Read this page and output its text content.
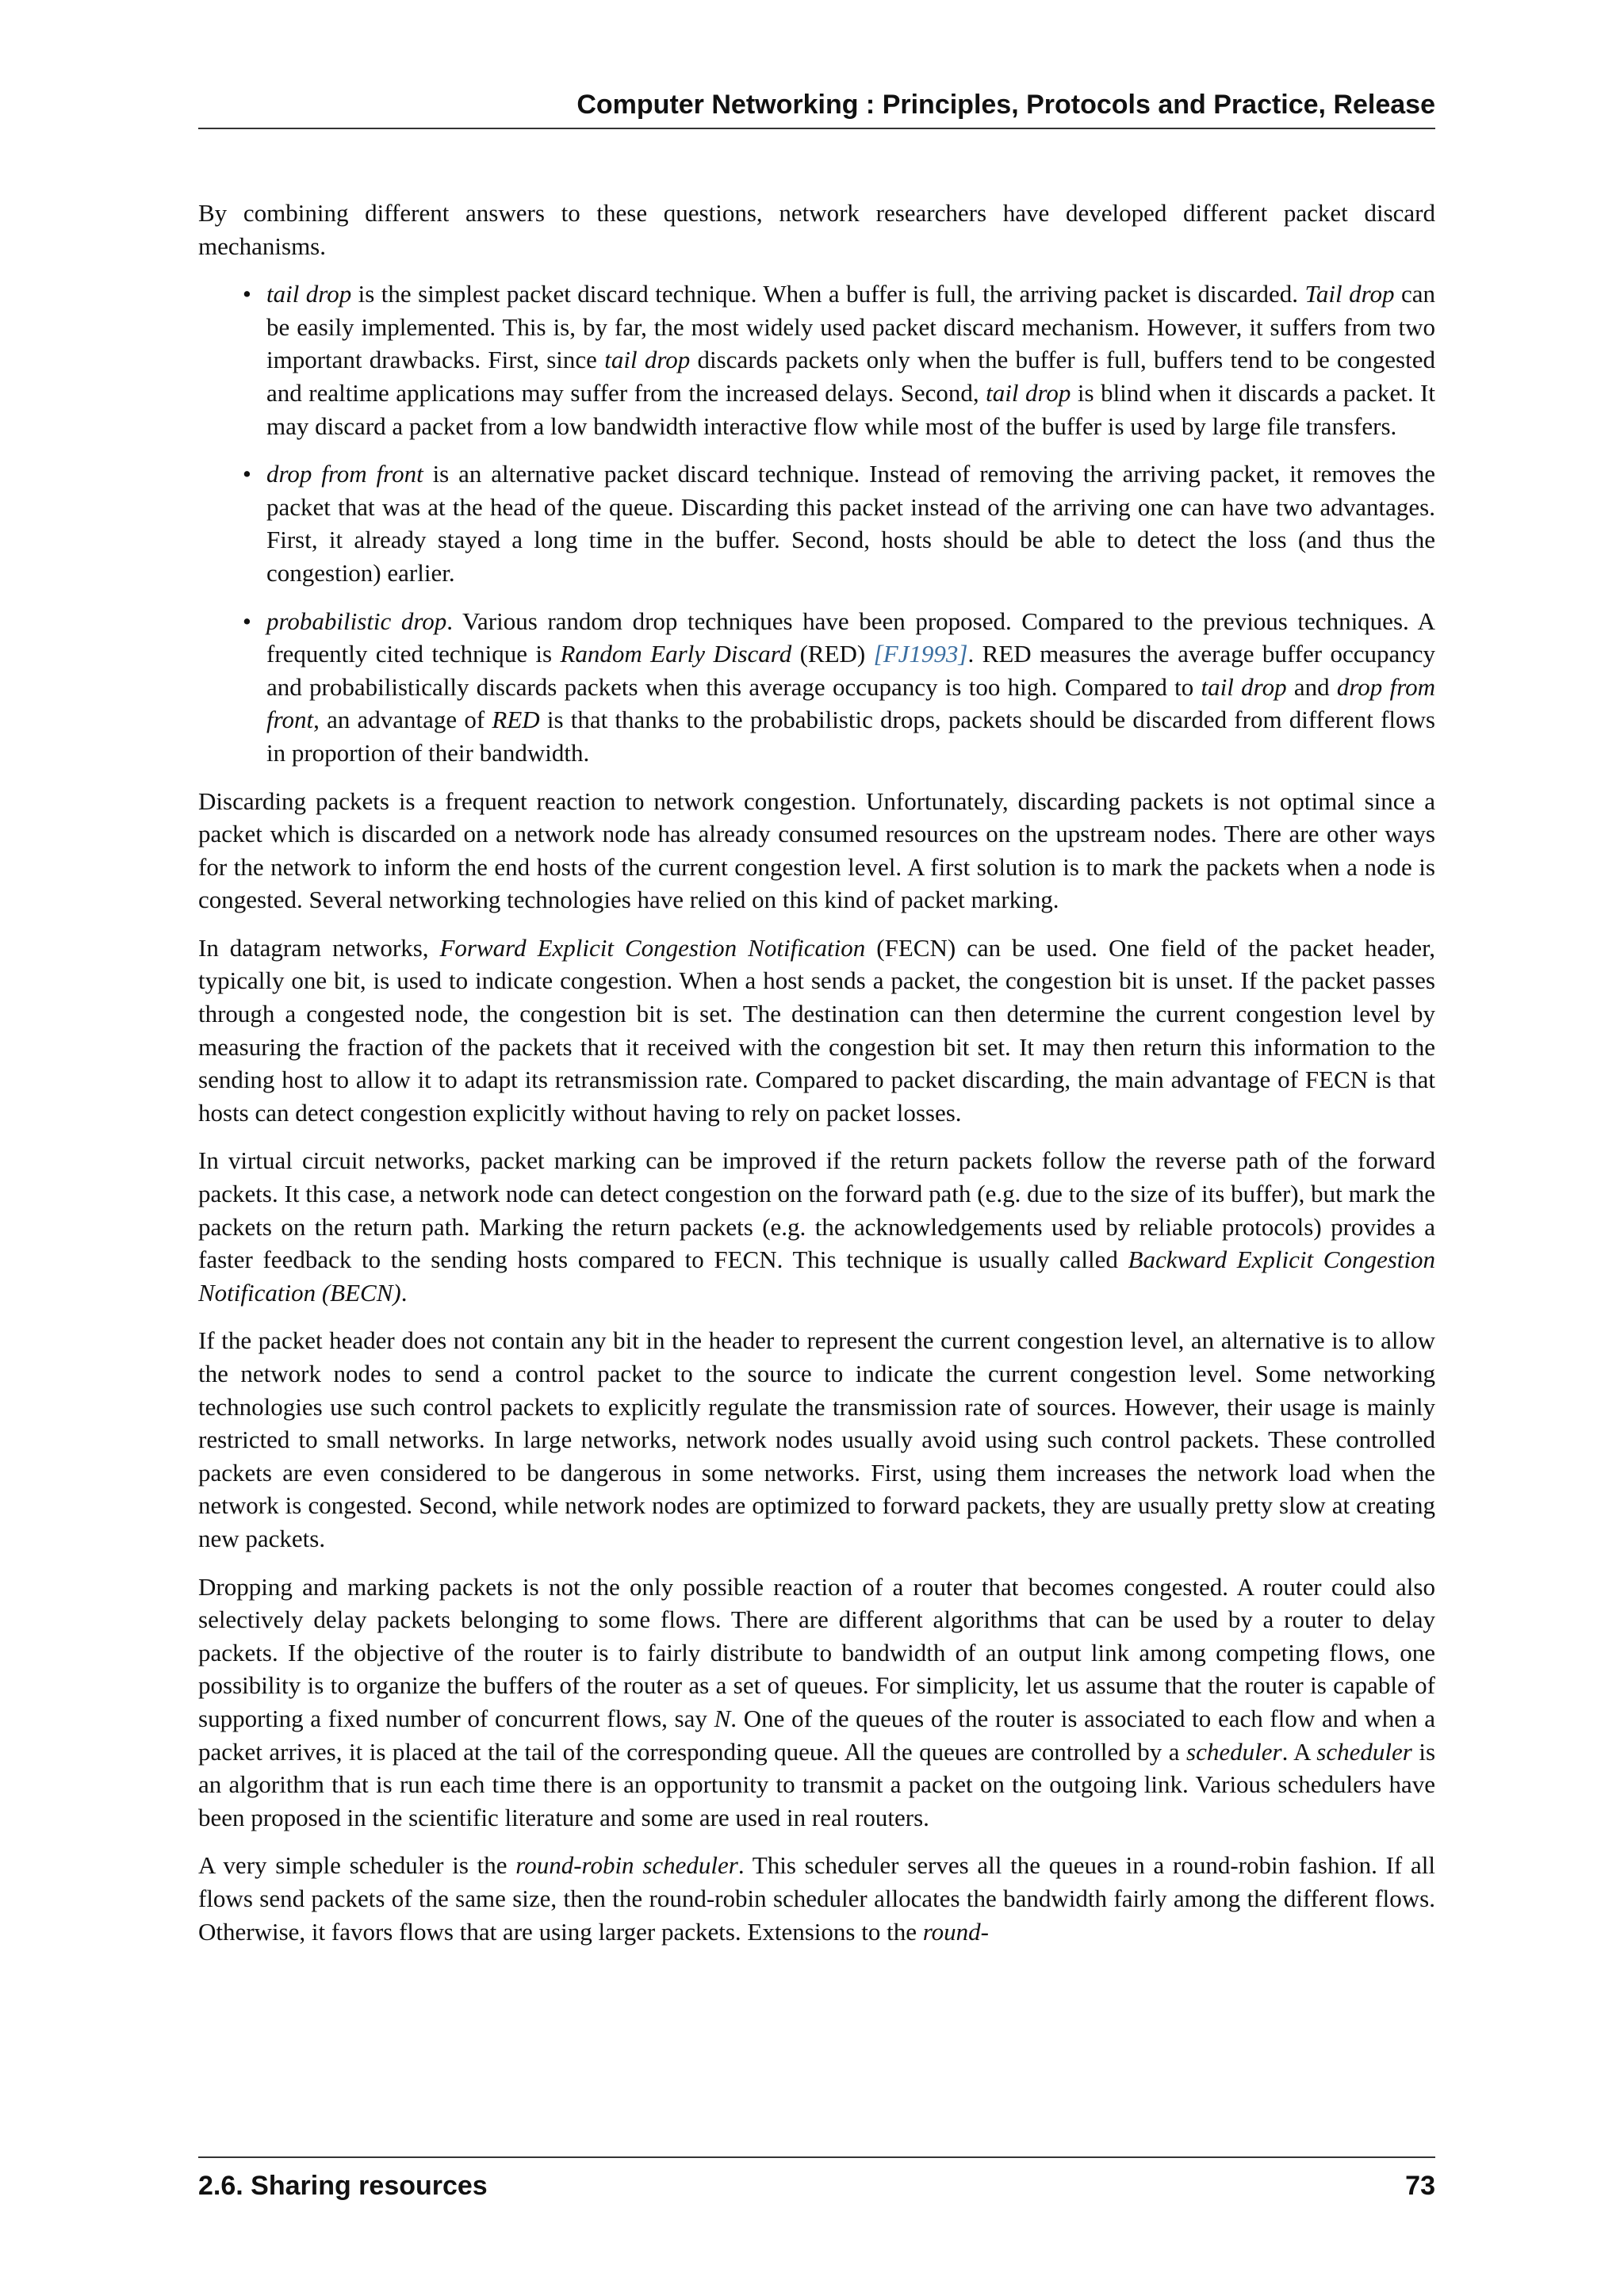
Computer Networking : Principles, Protocols and Practice, Release

By combining different answers to these questions, network researchers have developed different packet discard mechanisms.

• tail drop is the simplest packet discard technique. When a buffer is full, the arriving packet is discarded. Tail drop can be easily implemented. This is, by far, the most widely used packet discard mechanism. However, it suffers from two important drawbacks. First, since tail drop discards packets only when the buffer is full, buffers tend to be congested and realtime applications may suffer from the increased delays. Second, tail drop is blind when it discards a packet. It may discard a packet from a low bandwidth interactive flow while most of the buffer is used by large file transfers.
• drop from front is an alternative packet discard technique. Instead of removing the arriving packet, it removes the packet that was at the head of the queue. Discarding this packet instead of the arriving one can have two advantages. First, it already stayed a long time in the buffer. Second, hosts should be able to detect the loss (and thus the congestion) earlier.
• probabilistic drop. Various random drop techniques have been proposed. Compared to the previous techniques. A frequently cited technique is Random Early Discard (RED) [FJ1993]. RED measures the average buffer occupancy and probabilistically discards packets when this average occupancy is too high. Compared to tail drop and drop from front, an advantage of RED is that thanks to the probabilistic drops, packets should be discarded from different flows in proportion of their bandwidth.

Discarding packets is a frequent reaction to network congestion. Unfortunately, discarding packets is not optimal since a packet which is discarded on a network node has already consumed resources on the upstream nodes. There are other ways for the network to inform the end hosts of the current congestion level. A first solution is to mark the packets when a node is congested. Several networking technologies have relied on this kind of packet marking.

In datagram networks, Forward Explicit Congestion Notification (FECN) can be used. One field of the packet header, typically one bit, is used to indicate congestion. When a host sends a packet, the congestion bit is unset. If the packet passes through a congested node, the congestion bit is set. The destination can then determine the current congestion level by measuring the fraction of the packets that it received with the congestion bit set. It may then return this information to the sending host to allow it to adapt its retransmission rate. Compared to packet discarding, the main advantage of FECN is that hosts can detect congestion explicitly without having to rely on packet losses.

In virtual circuit networks, packet marking can be improved if the return packets follow the reverse path of the forward packets. It this case, a network node can detect congestion on the forward path (e.g. due to the size of its buffer), but mark the packets on the return path. Marking the return packets (e.g. the acknowledgements used by reliable protocols) provides a faster feedback to the sending hosts compared to FECN. This technique is usually called Backward Explicit Congestion Notification (BECN).

If the packet header does not contain any bit in the header to represent the current congestion level, an alternative is to allow the network nodes to send a control packet to the source to indicate the current congestion level. Some networking technologies use such control packets to explicitly regulate the transmission rate of sources. However, their usage is mainly restricted to small networks. In large networks, network nodes usually avoid using such control packets. These controlled packets are even considered to be dangerous in some networks. First, using them increases the network load when the network is congested. Second, while network nodes are optimized to forward packets, they are usually pretty slow at creating new packets.

Dropping and marking packets is not the only possible reaction of a router that becomes congested. A router could also selectively delay packets belonging to some flows. There are different algorithms that can be used by a router to delay packets. If the objective of the router is to fairly distribute to bandwidth of an output link among competing flows, one possibility is to organize the buffers of the router as a set of queues. For simplicity, let us assume that the router is capable of supporting a fixed number of concurrent flows, say N. One of the queues of the router is associated to each flow and when a packet arrives, it is placed at the tail of the corresponding queue. All the queues are controlled by a scheduler. A scheduler is an algorithm that is run each time there is an opportunity to transmit a packet on the outgoing link. Various schedulers have been proposed in the scientific literature and some are used in real routers.

A very simple scheduler is the round-robin scheduler. This scheduler serves all the queues in a round-robin fashion. If all flows send packets of the same size, then the round-robin scheduler allocates the bandwidth fairly among the different flows. Otherwise, it favors flows that are using larger packets. Extensions to the round-

2.6. Sharing resources	73
